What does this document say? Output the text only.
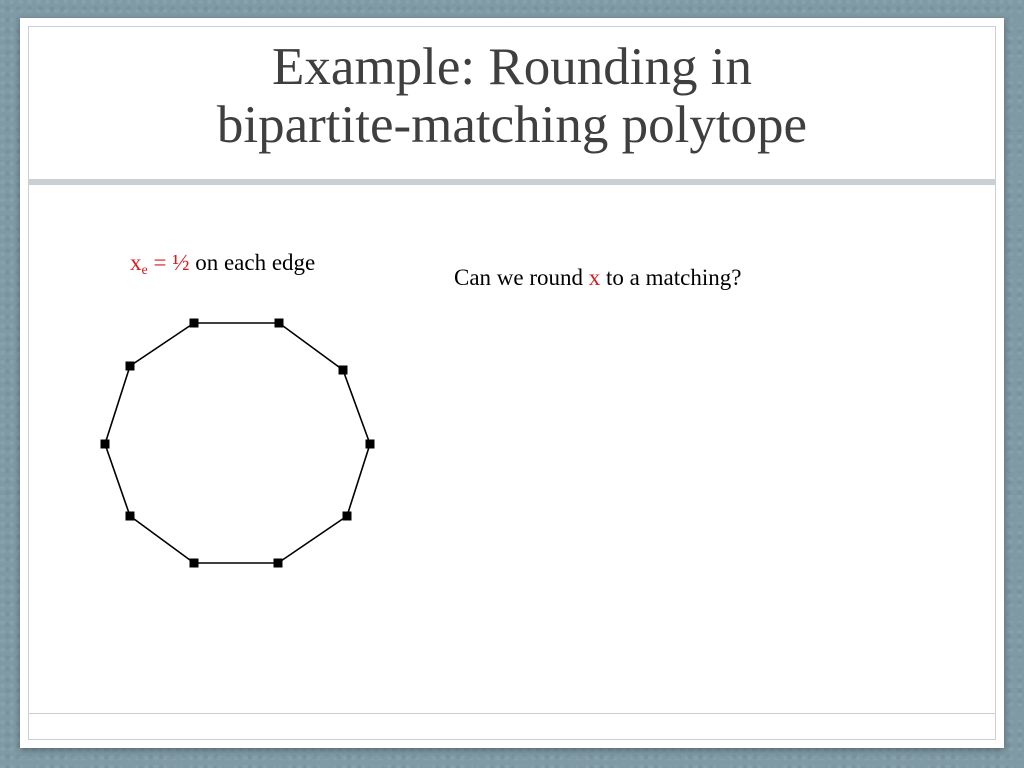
Example: Rounding in
bipartite-matching polytope
$x_e$ = ½ on each edge
Can we round x to a matching?
